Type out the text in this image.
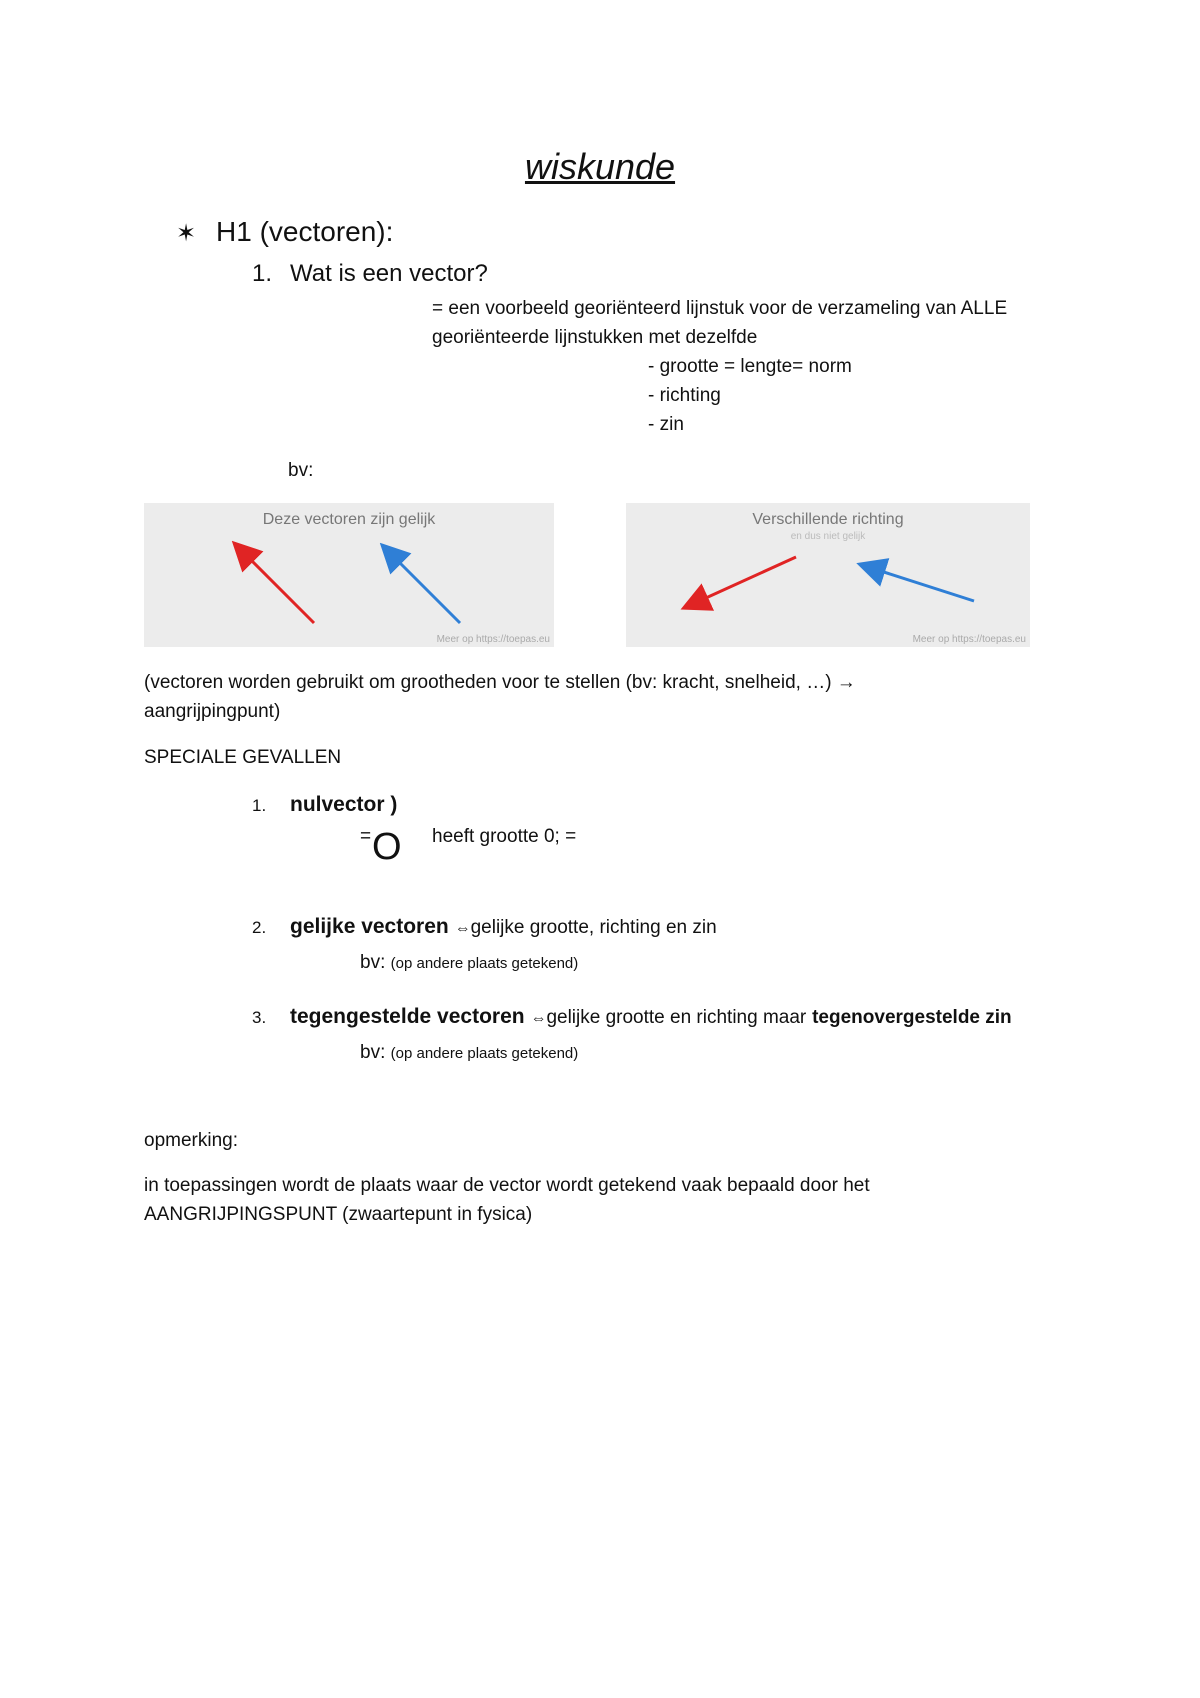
wiskunde
✶ H1 (vectoren):
1. Wat is een vector?
= een voorbeeld georiënteerd lijnstuk voor de verzameling van ALLE
georiënteerde lijnstukken met dezelfde
- grootte = lengte= norm
- richting
- zin
bv:
Deze vectoren zijn gelijk
Meer op https://toepas.eu
Verschillende richting
en dus niet gelijk
Meer op https://toepas.eu
(vectoren worden gebruikt om grootheden voor te stellen (bv: kracht, snelheid, …) →
aangrijpingpunt)
SPECIALE GEVALLEN
1. nulvector )
= O heeft grootte 0; =
2. gelijke vectoren ⇔gelijke grootte, richting en zin
bv: (op andere plaats getekend)
3. tegengestelde vectoren ⇔gelijke grootte en richting maar tegenovergestelde zin
bv: (op andere plaats getekend)
opmerking:
in toepassingen wordt de plaats waar de vector wordt getekend vaak bepaald door het
AANGRIJPINGSPUNT (zwaartepunt in fysica)
